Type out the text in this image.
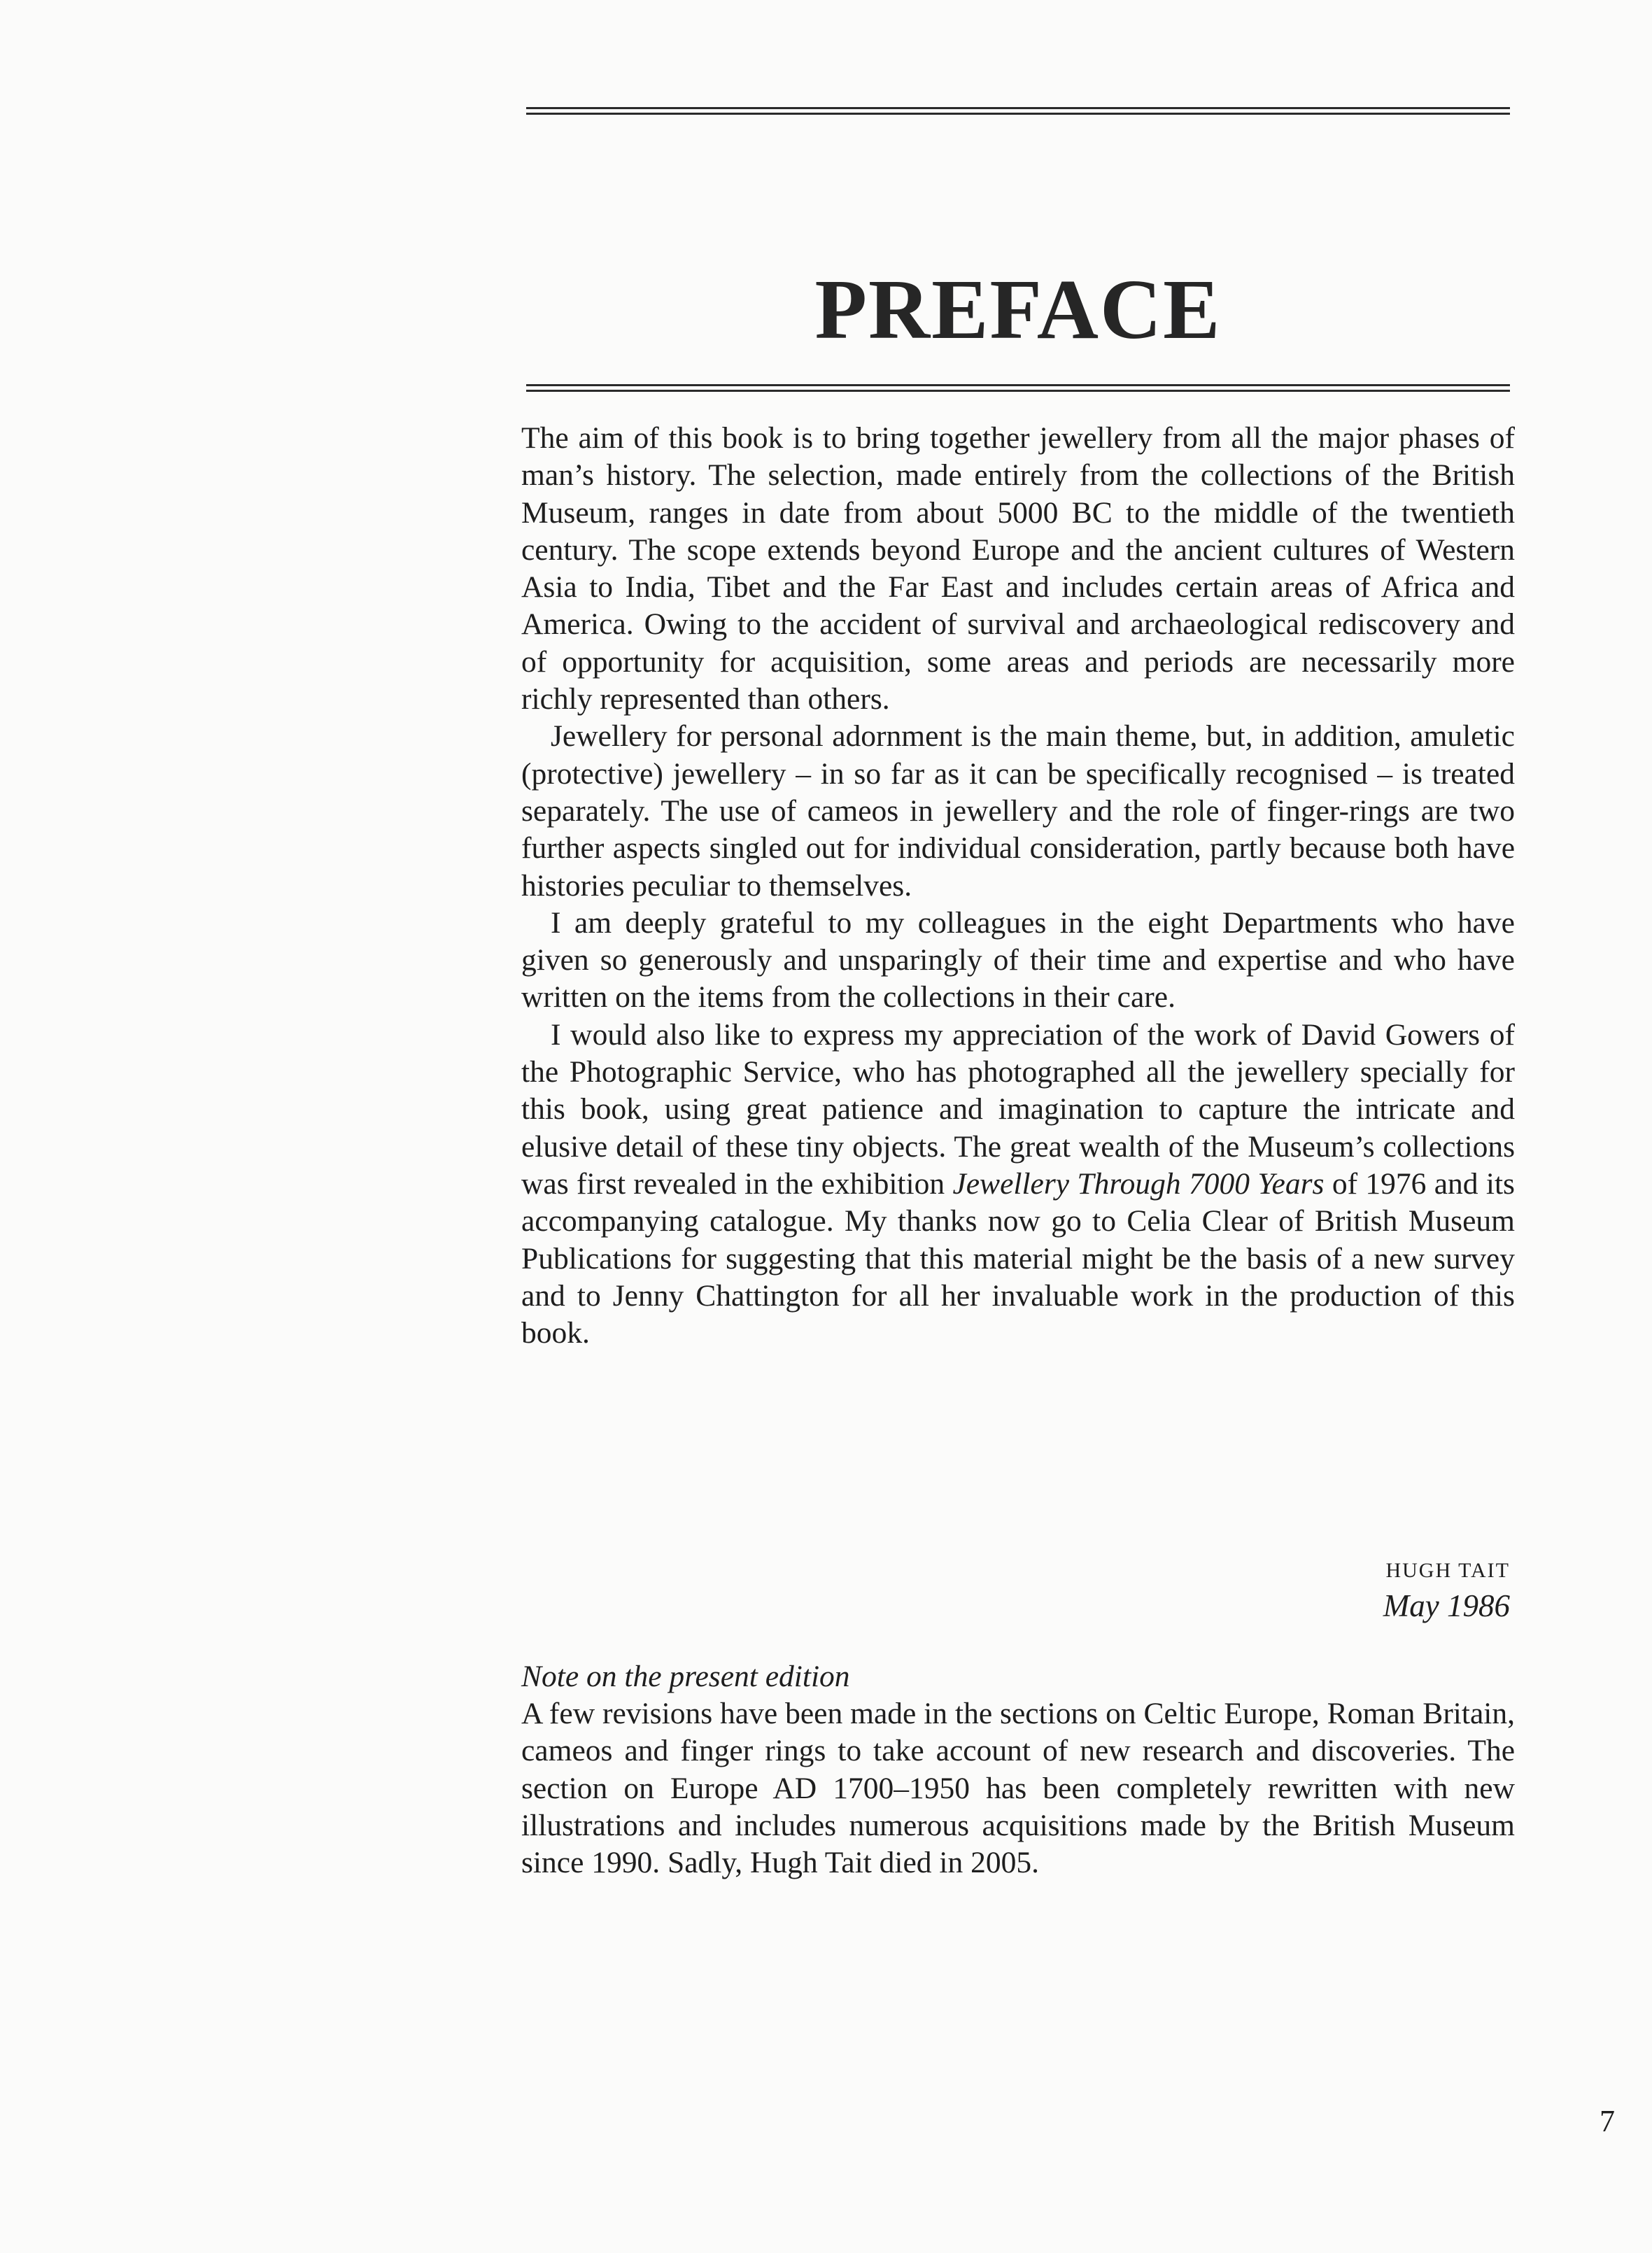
PREFACE

The aim of this book is to bring together jewellery from all the major phases of man’s history. The selection, made entirely from the collections of the British Museum, ranges in date from about 5000 BC to the middle of the twentieth century. The scope extends beyond Europe and the ancient cultures of Western Asia to India, Tibet and the Far East and includes certain areas of Africa and America. Owing to the accident of survival and archaeological rediscovery and of opportunity for acquisition, some areas and periods are necessarily more richly represented than others.

Jewellery for personal adornment is the main theme, but, in addition, amuletic (protective) jewellery – in so far as it can be specifically recognised – is treated separately. The use of cameos in jewellery and the role of finger-rings are two further aspects singled out for individual consideration, partly because both have histories peculiar to themselves.

I am deeply grateful to my colleagues in the eight Departments who have given so generously and unsparingly of their time and expertise and who have written on the items from the collections in their care.

I would also like to express my appreciation of the work of David Gowers of the Photographic Service, who has photographed all the jewellery specially for this book, using great patience and imagination to capture the intricate and elusive detail of these tiny objects. The great wealth of the Museum’s collections was first revealed in the exhibition Jewellery Through 7000 Years of 1976 and its accompanying catalogue. My thanks now go to Celia Clear of British Museum Publications for suggesting that this material might be the basis of a new survey and to Jenny Chattington for all her invaluable work in the production of this book.

HUGH TAIT
May 1986
Note on the present edition

A few revisions have been made in the sections on Celtic Europe, Roman Britain, cameos and finger rings to take account of new research and discoveries. The section on Europe AD 1700–1950 has been completely rewritten with new illustrations and includes numerous acquisitions made by the British Museum since 1990. Sadly, Hugh Tait died in 2005.

7
